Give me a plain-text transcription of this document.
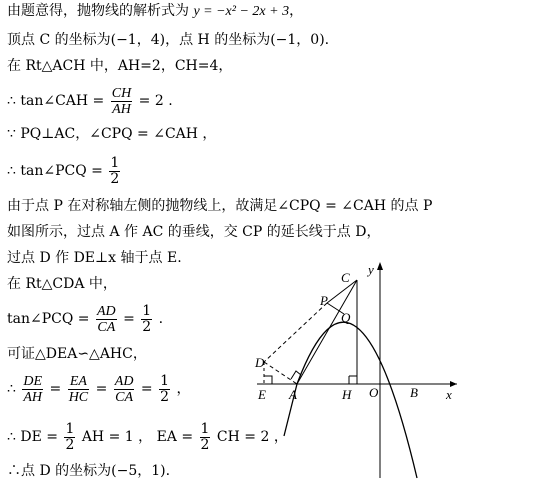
由题意得，抛物线的解析式为 y = −x² − 2x + 3，
顶点 C 的坐标为(−1，4)，点 H 的坐标为(−1，0).
在 Rt△ACH 中，AH=2，CH=4，
∴ tan∠CAH = $\frac{CH}{AH} = 2$ .
∵ PQ⊥AC，∠CPQ = ∠CAH ，
∴ tan∠PCQ = $\frac{1}{2}$
由于点 P 在对称轴左侧的抛物线上，故满足∠CPQ = ∠CAH 的点 P
如图所示，过点 A 作 AC 的垂线，交 CP 的延长线于点 D，
过点 D 作 DE⊥x 轴于点 E.
在 Rt△CDA 中，
tan∠PCQ = $\frac{AD}{CA} = \frac{1}{2}$ .
可证△DEA∽△AHC，
∴ $\frac{DE}{AH} = \frac{EA}{HC} = \frac{AD}{CA} = \frac{1}{2}$ ，
∴ DE = $\frac{1}{2}$ AH = 1 ， EA = $\frac{1}{2}$ CH = 2 ，
∴点 D 的坐标为(−5，1).
C
y
P
Q
D
E A	H O B x
